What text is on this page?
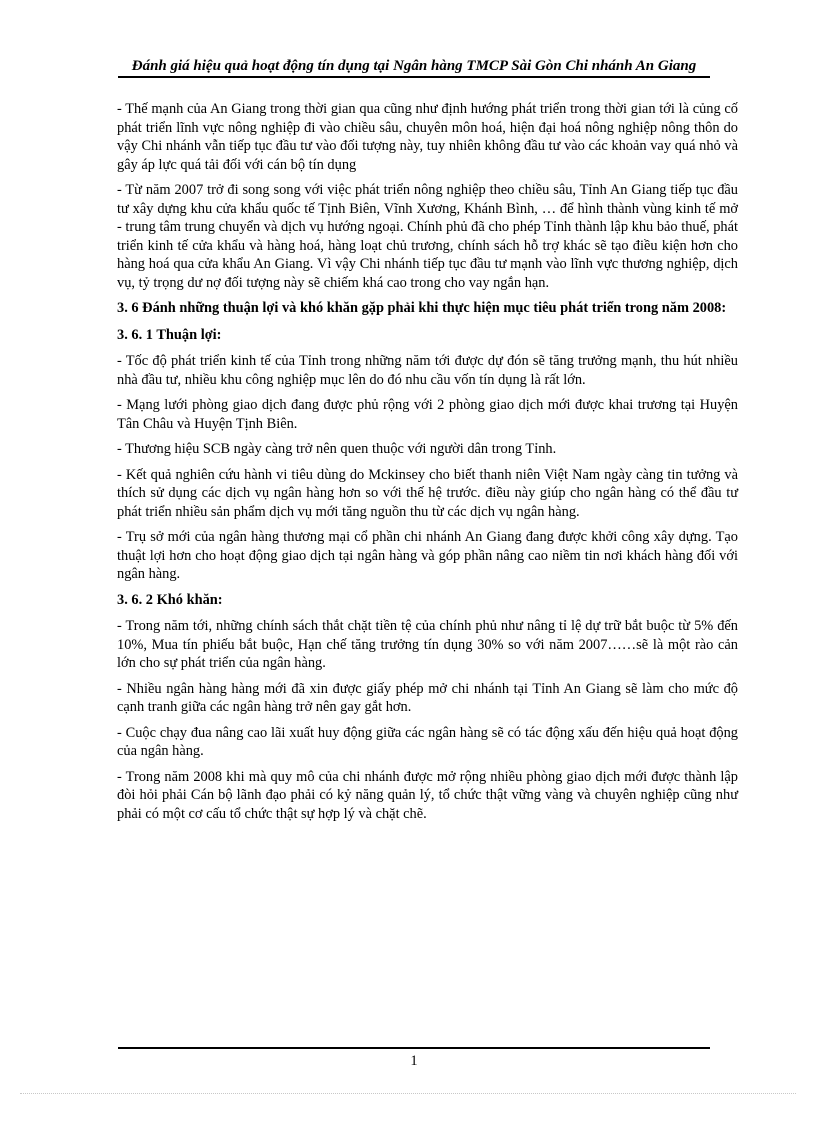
Đánh giá hiệu quả hoạt động tín dụng tại Ngân hàng TMCP Sài Gòn Chi nhánh An Giang

- Thế mạnh của An Giang trong thời gian qua cũng như định hướng phát triển trong thời gian tới là củng cố phát triển lĩnh vực nông nghiệp đi vào chiều sâu, chuyên môn hoá, hiện đại hoá nông nghiệp nông thôn do vậy Chi nhánh vẫn tiếp tục đầu tư vào đối tượng này, tuy nhiên không đầu tư vào các khoản vay quá nhỏ và gây áp lực quá tải đối với cán bộ tín dụng

- Từ năm 2007 trở đi song song với việc phát triển nông nghiệp theo chiều sâu, Tỉnh An Giang tiếp tục đầu tư xây dựng khu cửa khẩu quốc tế Tịnh Biên, Vĩnh Xương, Khánh Bình, … để hình thành vùng kinh tế mở - trung tâm trung chuyển và dịch vụ hướng ngoại. Chính phủ đã cho phép Tỉnh thành lập khu bảo thuế, phát triển kinh tế cửa khẩu và hàng hoá, hàng loạt chủ trương, chính sách hỗ trợ khác sẽ tạo điều kiện hơn cho hàng hoá qua cửa khẩu An Giang. Vì vậy Chi nhánh tiếp tục đầu tư mạnh vào lĩnh vực thương nghiệp, dịch vụ, tỷ trọng dư nợ đối tượng này sẽ chiếm khá cao trong cho vay ngắn hạn.

3. 6 Đánh những thuận lợi và khó khăn gặp phải khi thực hiện mục tiêu phát triển trong năm 2008:

3. 6. 1 Thuận lợi:

- Tốc độ phát triển kinh tế của Tỉnh trong những năm tới được dự đón sẽ tăng trưởng mạnh, thu hút nhiều nhà đầu tư, nhiều khu công nghiệp mục lên do đó nhu cầu vốn tín dụng là rất lớn.

- Mạng lưới phòng giao dịch đang được phủ rộng với 2 phòng giao dịch mới được khai trương tại Huyện Tân Châu và Huyện Tịnh Biên.

- Thương hiệu SCB ngày càng trở nên quen thuộc với người dân trong Tỉnh.

- Kết quả nghiên cứu hành vi tiêu dùng do Mckinsey cho biết thanh niên Việt Nam ngày càng tin tưởng và thích sử dụng các dịch vụ ngân hàng hơn so với thế hệ trước. điều này giúp cho ngân hàng có thể đầu tư phát triển nhiều sản phẩm dịch vụ mới tăng nguồn thu từ các dịch vụ ngân hàng.

- Trụ sở mới của ngân hàng thương mại cổ phần chi nhánh An Giang đang được khởi công xây dựng. Tạo thuật lợi hơn cho hoạt động giao dịch tại ngân hàng và góp phần nâng cao niềm tin nơi khách hàng đối với ngân hàng.

3. 6. 2 Khó khăn:

- Trong năm tới, những chính sách thắt chặt tiền tệ của chính phủ như nâng tỉ lệ dự trữ bắt buộc từ 5% đến 10%, Mua tín phiếu bắt buộc, Hạn chế tăng trưởng tín dụng 30% so với năm 2007……sẽ là một rào cản lớn cho sự phát triển của ngân hàng.

- Nhiều ngân hàng hàng mới đã xin được giấy phép mở chi nhánh tại Tỉnh An Giang sẽ làm cho mức độ cạnh tranh giữa các ngân hàng trở nên gay gắt hơn.

- Cuộc chạy đua nâng cao lãi xuất huy động giữa các ngân hàng sẽ có tác động xấu đến hiệu quả hoạt động của ngân hàng.

- Trong năm 2008 khi mà quy mô của chi nhánh được mở rộng nhiều phòng giao dịch mới được thành lập đòi hỏi phải Cán bộ lãnh đạo phải có kỷ năng quản lý, tổ chức thật vững vàng và chuyên nghiệp cũng như phải có một cơ cấu tổ chức thật sự hợp lý và chặt chẽ.

1
